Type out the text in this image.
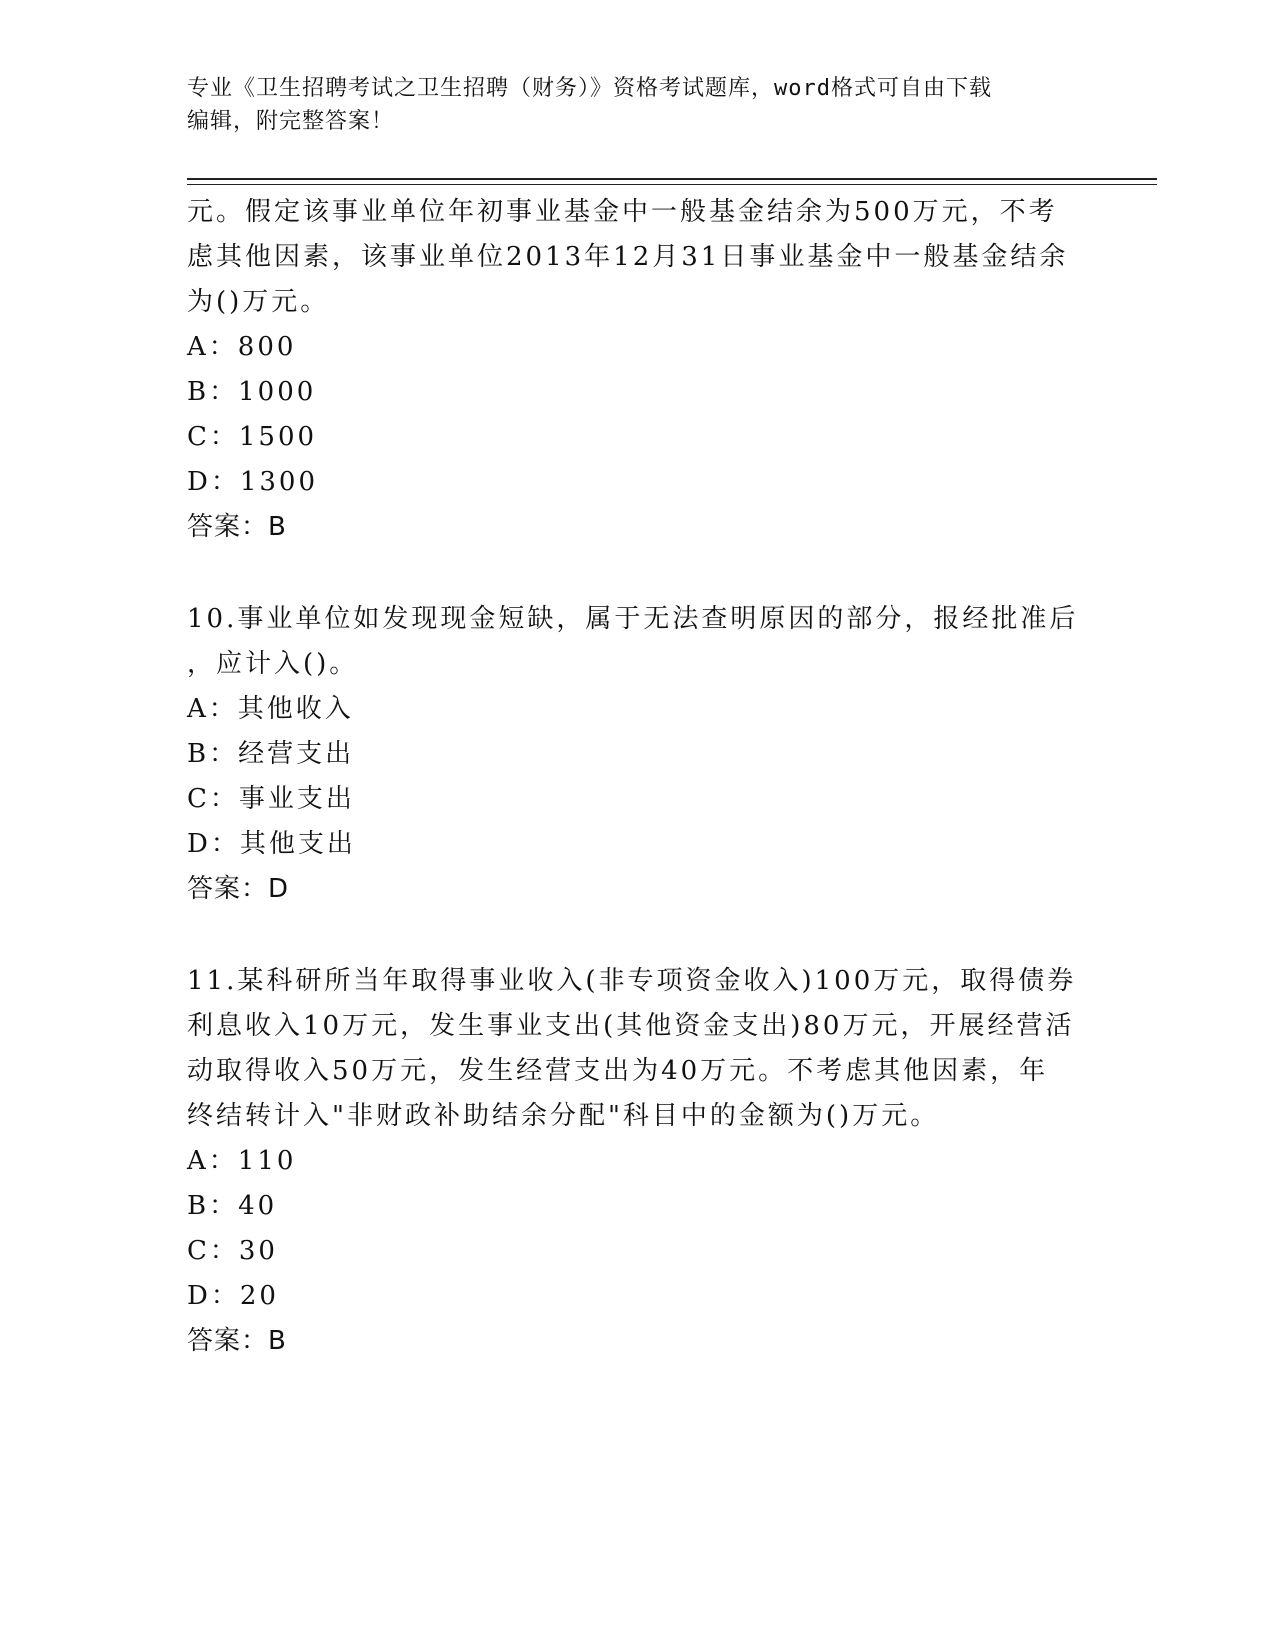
专业《卫生招聘考试之卫生招聘（财务）》资格考试题库，word格式可自由下载
编辑，附完整答案！
元。假定该事业单位年初事业基金中一般基金结余为500万元，不考
虑其他因素，该事业单位2013年12月31日事业基金中一般基金结余
为()万元。
A：800
B：1000
C：1500
D：1300
答案：B
10.事业单位如发现现金短缺，属于无法查明原因的部分，报经批准后
，应计入()。
A：其他收入
B：经营支出
C：事业支出
D：其他支出
答案：D
11.某科研所当年取得事业收入(非专项资金收入)100万元，取得债券
利息收入10万元，发生事业支出(其他资金支出)80万元，开展经营活
动取得收入50万元，发生经营支出为40万元。不考虑其他因素，年
终结转计入"非财政补助结余分配"科目中的金额为()万元。
A：110
B：40
C：30
D：20
答案：B
